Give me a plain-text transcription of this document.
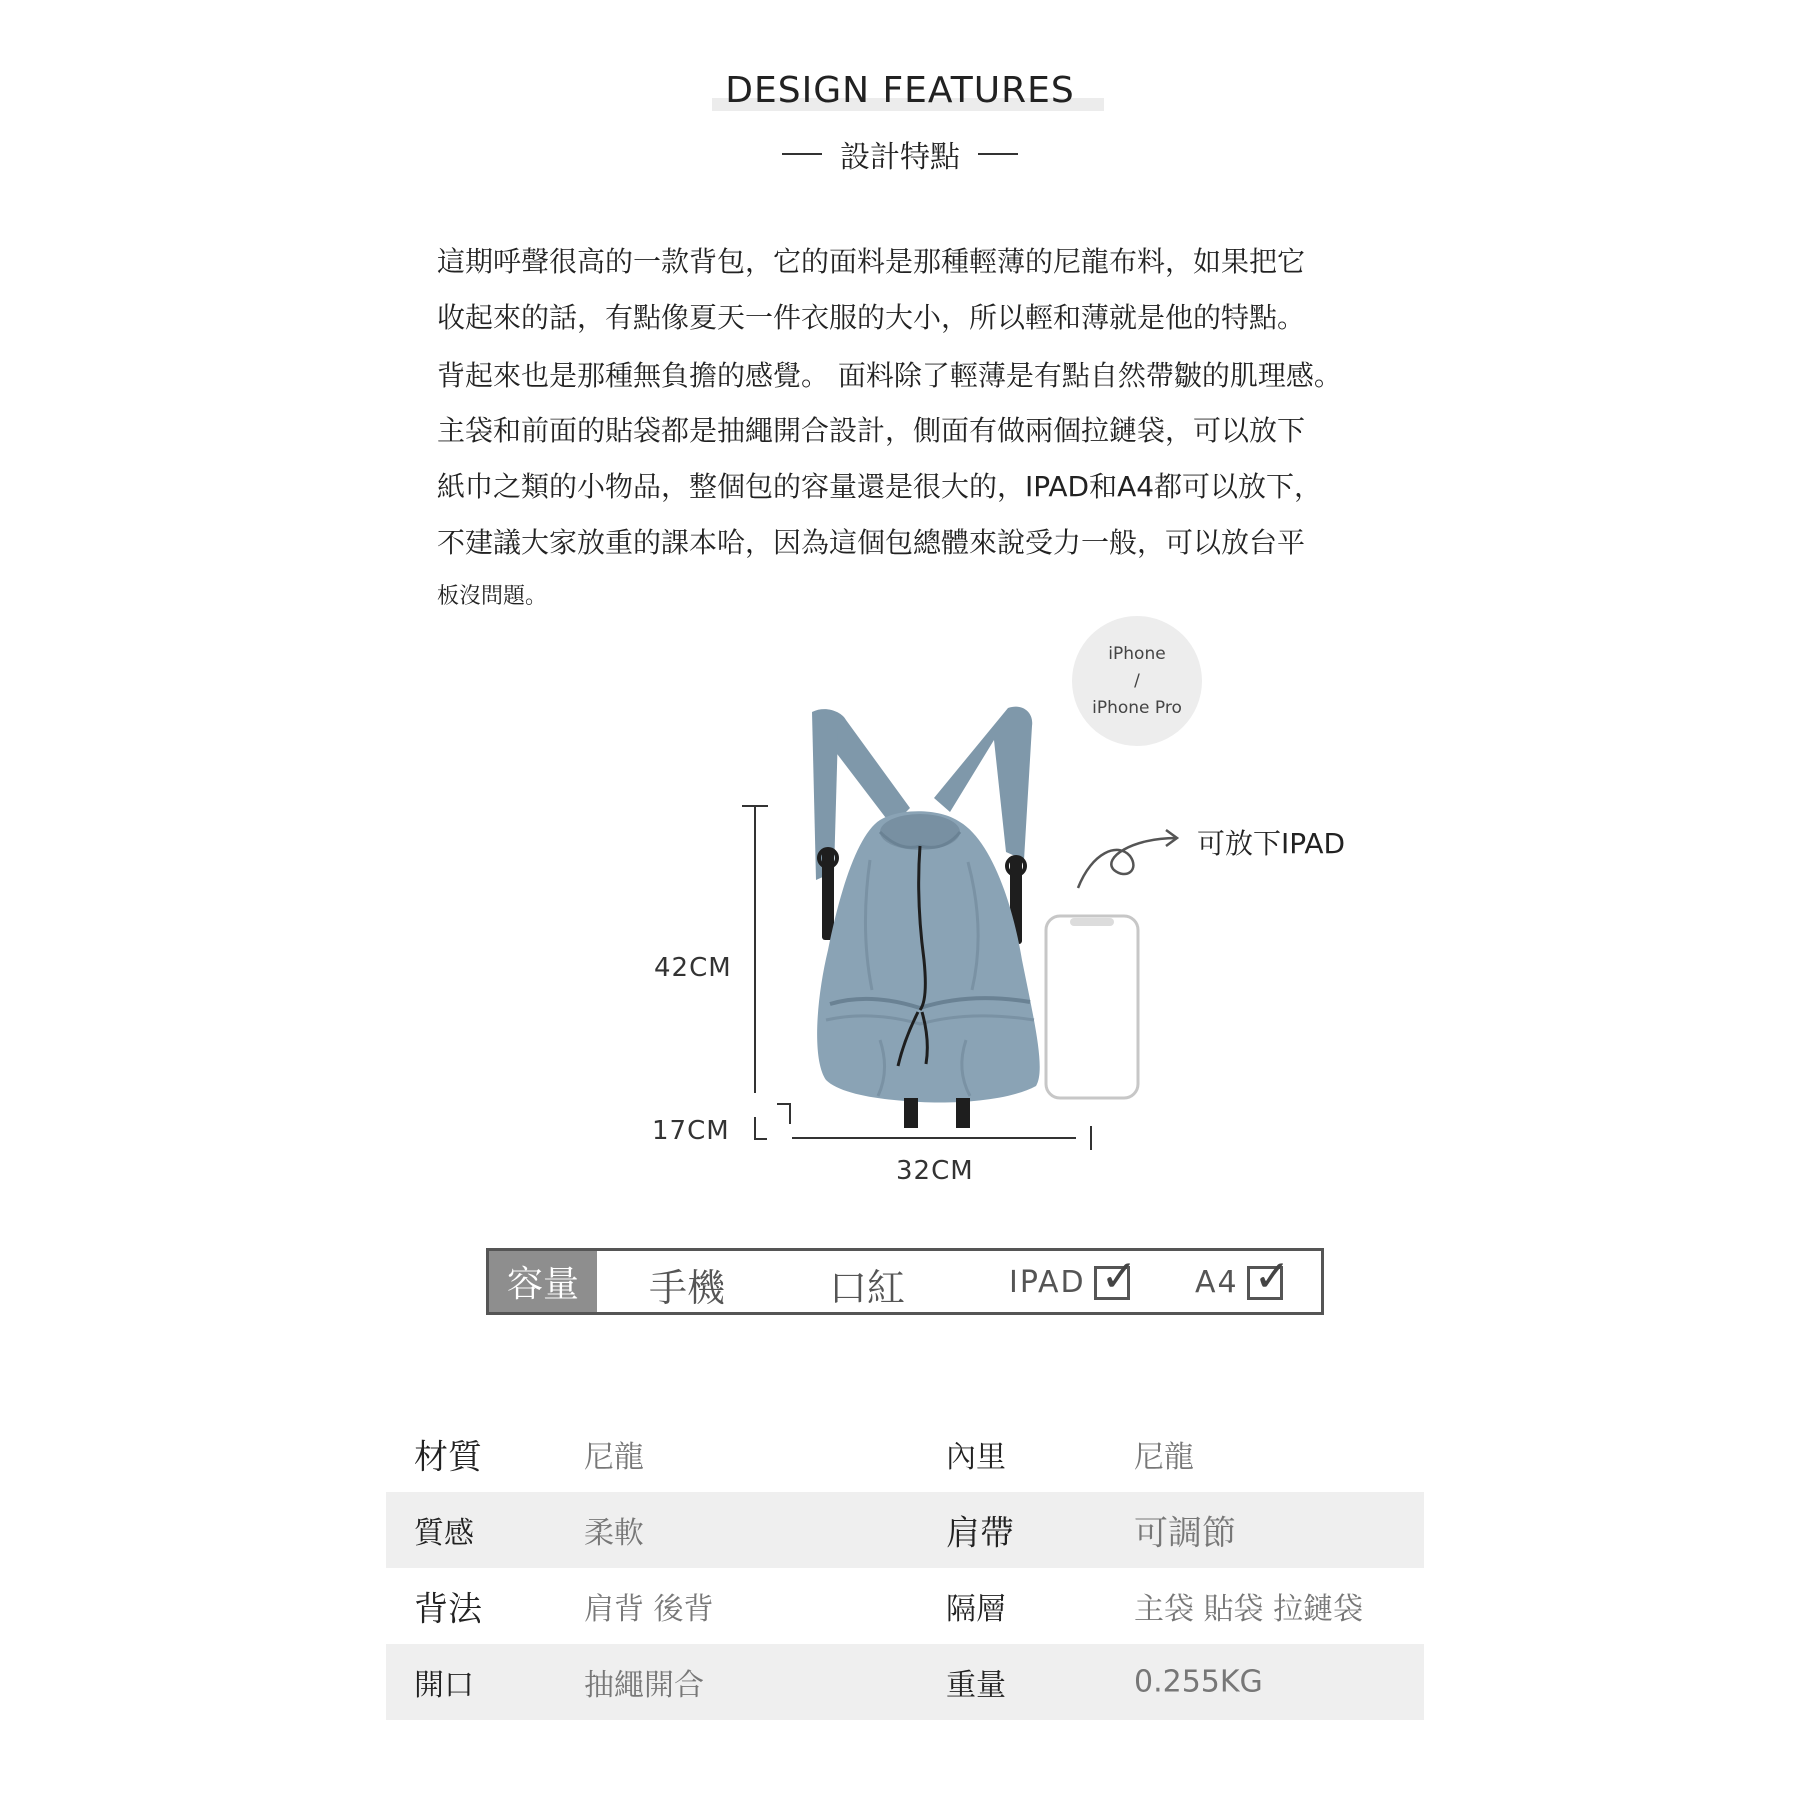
DESIGN FEATURES
設計特點

這期呼聲很高的一款背包，它的面料是那種輕薄的尼龍布料，如果把它

收起來的話，有點像夏天一件衣服的大小，所以輕和薄就是他的特點。

背起來也是那種無負擔的感覺。 面料除了輕薄是有點自然帶皺的肌理感。

主袋和前面的貼袋都是抽繩開合設計，側面有做兩個拉鏈袋，可以放下

紙巾之類的小物品，整個包的容量還是很大的，IPAD和A4都可以放下，

不建議大家放重的課本哈，因為這個包總體來說受力一般，可以放台平

板沒問題。

iPhone
/
iPhone Pro
42CM
17CM
32CM
可放下IPAD
容量	手機	口紅	IPAD ✓ A4 ✓
材質	尼龍	內里	尼龍
質感	柔軟	肩帶	可調節
背法	肩背 後背	隔層	主袋 貼袋 拉鏈袋
開口	抽繩開合	重量	0.255KG
